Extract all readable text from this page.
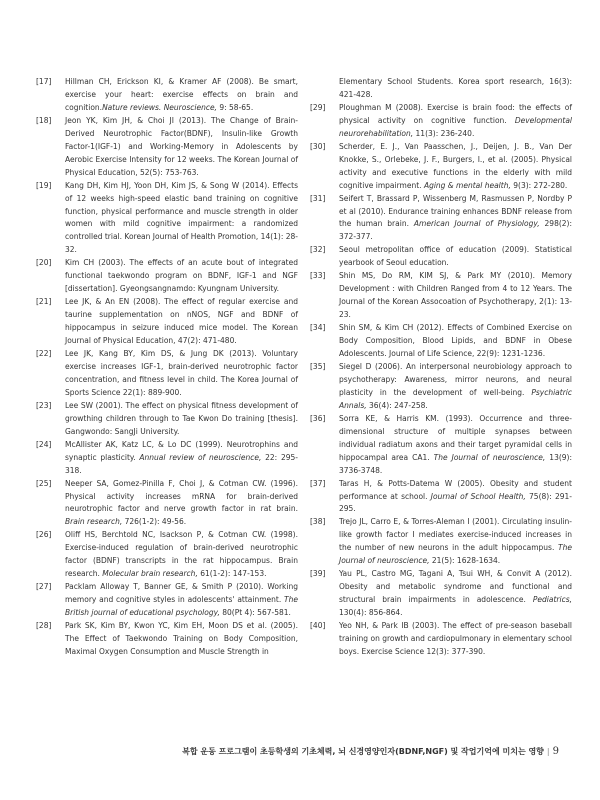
[17]	Hillman CH, Erickson KI, & Kramer AF (2008). Be smart, exercise your heart: exercise effects on brain and cognition.Nature reviews. Neuroscience, 9: 58-65.

[18]	Jeon YK, Kim JH, & Choi JI (2013). The Change of Brain-Derived Neurotrophic Factor(BDNF), Insulin-like Growth Factor-1(IGF-1) and Working-Memory in Adolescents by Aerobic Exercise Intensity for 12 weeks. The Korean Journal of Physical Education, 52(5): 753-763.

[19]	Kang DH, Kim HJ, Yoon DH, Kim JS, & Song W (2014). Effects of 12 weeks high-speed elastic band training on cognitive function, physical performance and muscle strength in older women with mild cognitive impairment: a randomized controlled trial. Korean Journal of Health Promotion, 14(1): 28-32.

[20]	Kim CH (2003). The effects of an acute bout of integrated functional taekwondo program on BDNF, IGF-1 and NGF [dissertation]. Gyeongsangnamdo: Kyungnam University.

[21]	Lee JK, & An EN (2008). The effect of regular exercise and taurine supplementation on nNOS, NGF and BDNF of hippocampus in seizure induced mice model. The Korean Journal of Physical Education, 47(2): 471-480.

[22]	Lee JK, Kang BY, Kim DS, & Jung DK (2013). Voluntary exercise increases IGF-1, brain-derived neurotrophic factor concentration, and fitness level in child. The Korea Journal of Sports Science 22(1): 889-900.

[23]	Lee SW (2001). The effect on physical fitness development of growthing children through to Tae Kwon Do training [thesis]. Gangwondo: SangJi University.

[24]	McAllister AK, Katz LC, & Lo DC (1999). Neurotrophins and synaptic plasticity. Annual review of neuroscience, 22: 295-318.

[25]	Neeper SA, Gomez-Pinilla F, Choi J, & Cotman CW. (1996). Physical activity increases mRNA for brain-derived neurotrophic factor and nerve growth factor in rat brain. Brain research, 726(1-2): 49-56.

[26]	Oliff HS, Berchtold NC, Isackson P, & Cotman CW. (1998). Exercise-induced regulation of brain-derived neurotrophic factor (BDNF) transcripts in the rat hippocampus. Brain research. Molecular brain research, 61(1-2): 147-153.

[27]	Packlam Alloway T, Banner GE, & Smith P (2010). Working memory and cognitive styles in adolescents' attainment. The British journal of educational psychology, 80(Pt 4): 567-581.

[28]	Park SK, Kim BY, Kwon YC, Kim EH, Moon DS et al. (2005). The Effect of Taekwondo Training on Body Composition, Maximal Oxygen Consumption and Muscle Strength in

Elementary School Students. Korea sport research, 16(3): 421-428.

[29]	Ploughman M (2008). Exercise is brain food: the effects of physical activity on cognitive function. Developmental neurorehabilitation, 11(3): 236-240.

[30]	Scherder, E. J., Van Paasschen, J., Deijen, J. B., Van Der Knokke, S., Orlebeke, J. F., Burgers, I., et al. (2005). Physical activity and executive functions in the elderly with mild cognitive impairment. Aging & mental health, 9(3): 272-280.

[31]	Seifert T, Brassard P, Wissenberg M, Rasmussen P, Nordby P et al (2010). Endurance training enhances BDNF release from the human brain. American Journal of Physiology, 298(2): 372-377.

[32]	Seoul metropolitan office of education (2009). Statistical yearbook of Seoul education.

[33]	Shin MS, Do RM, KIM SJ, & Park MY (2010). Memory Development : with Children Ranged from 4 to 12 Years. The Journal of the Korean Assocoation of Psychotherapy, 2(1): 13-23.

[34]	Shin SM, & Kim CH (2012). Effects of Combined Exercise on Body Composition, Blood Lipids, and BDNF in Obese Adolescents. Journal of Life Science, 22(9): 1231-1236.

[35]	Siegel D (2006). An interpersonal neurobiology approach to psychotherapy: Awareness, mirror neurons, and neural plasticity in the development of well-being. Psychiatric Annals, 36(4): 247-258.

[36]	Sorra KE, & Harris KM. (1993). Occurrence and three-dimensional structure of multiple synapses between individual radiatum axons and their target pyramidal cells in hippocampal area CA1. The Journal of neuroscience, 13(9): 3736-3748.

[37]	Taras H, & Potts-Datema W (2005). Obesity and student performance at school. Journal of School Health, 75(8): 291-295.

[38]	Trejo JL, Carro E, & Torres-Aleman I (2001). Circulating insulin-like growth factor I mediates exercise-induced increases in the number of new neurons in the adult hippocampus. The Journal of neuroscience, 21(5): 1628-1634.

[39]	Yau PL, Castro MG, Tagani A, Tsui WH, & Convit A (2012). Obesity and metabolic syndrome and functional and structural brain impairments in adolescence. Pediatrics, 130(4): 856-864.

[40]	Yeo NH, & Park IB (2003). The effect of pre-season baseball training on growth and cardiopulmonary in elementary school boys. Exercise Science 12(3): 377-390.

복합 운동 프로그램이 초등학생의 기초체력, 뇌 신경영양인자(BDNF,NGF) 및 작업기억에 미치는 영향 | 9
